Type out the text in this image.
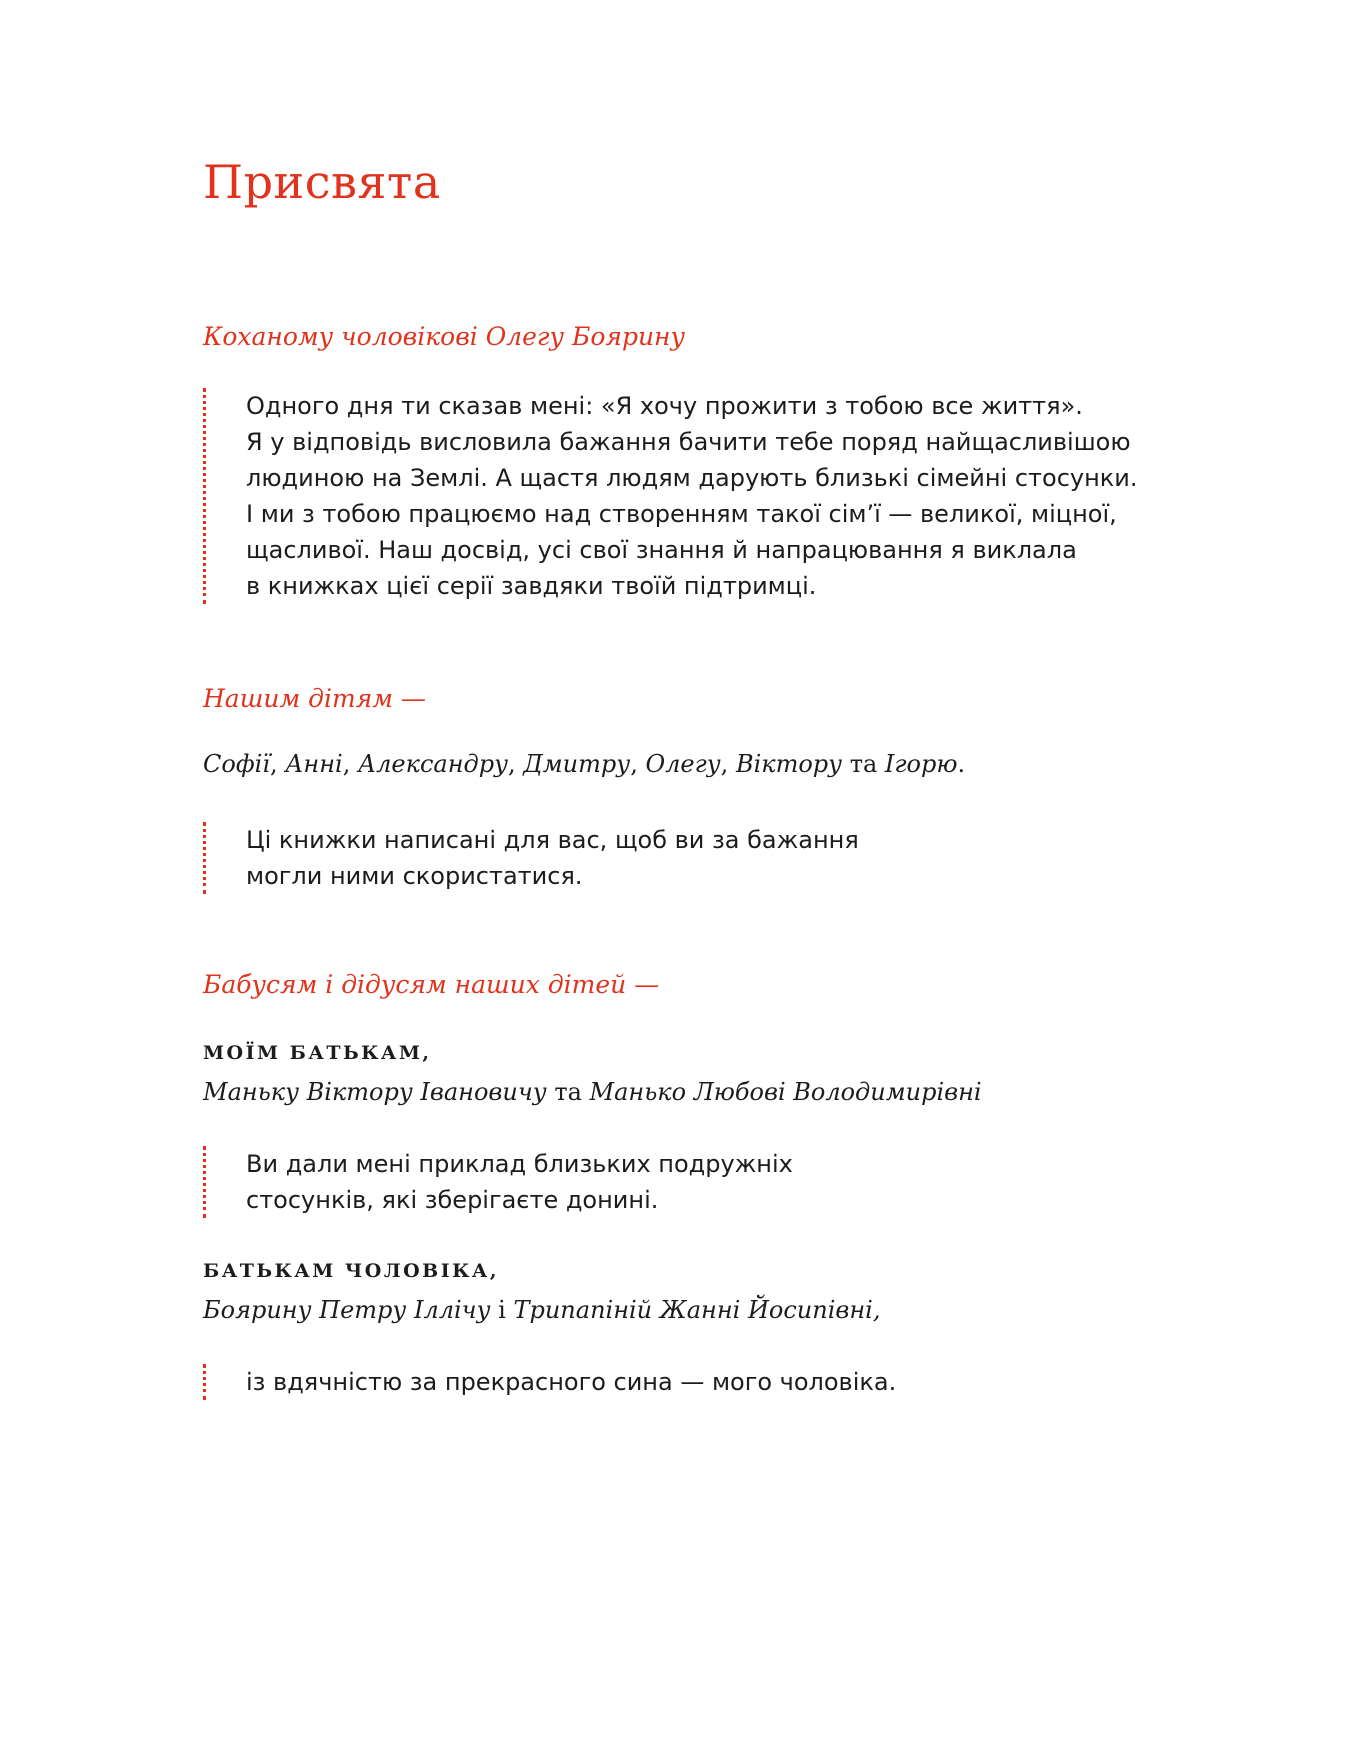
Присвята

Коханому чоловікові Олегу Боярину

Одного дня ти сказав мені: «Я хочу прожити з тобою все життя».
Я у відповідь висловила бажання бачити тебе поряд найщасливішою
людиною на Землі. А щастя людям дарують близькі сімейні стосунки.
І ми з тобою працюємо над створенням такої сім’ї — великої, міцної,
щасливої. Наш досвід, усі свої знання й напрацювання я виклала
в книжках цієї серії завдяки твоїй підтримці.

Нашим дітям —

Софії, Анні, Александру, Дмитру, Олегу, Віктору та Ігорю.

Ці книжки написані для вас, щоб ви за бажання
могли ними скористатися.

Бабусям і дідусям наших дітей —

МОЇМ БАТЬКАМ,

Маньку Віктору Івановичу та Манько Любові Володимирівні

Ви дали мені приклад близьких подружніх
стосунків, які зберігаєте донині.

БАТЬКАМ ЧОЛОВІКА,

Боярину Петру Іллічу і Трипапіній Жанні Йосипівні,

із вдячністю за прекрасного сина — мого чоловіка.
